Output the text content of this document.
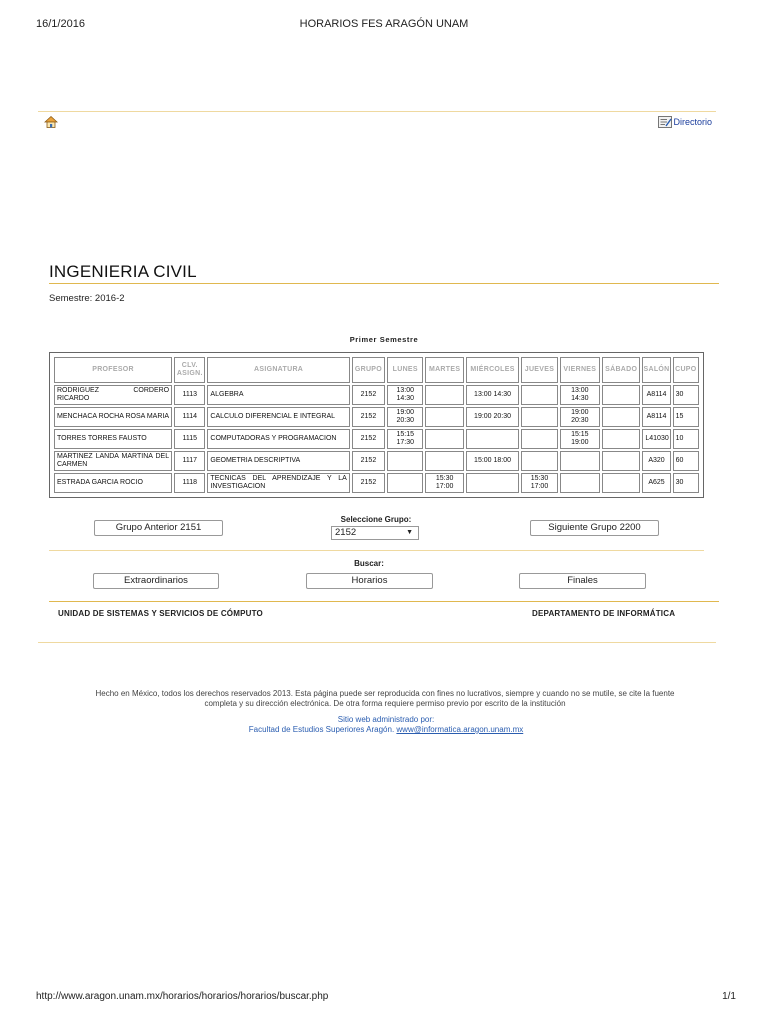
16/1/2016	HORARIOS FES ARAGÓN UNAM
Directorio
INGENIERIA CIVIL
Semestre: 2016-2
Primer Semestre
PROFESOR	CLV. ASIGN.	ASIGNATURA	GRUPO	LUNES	MARTES	MIÉRCOLES	JUEVES	VIERNES	SÁBADO	SALÓN	CUPO
RODRIGUEZ CORDERO RICARDO	1113	ALGEBRA	2152	13:00 14:30		13:00 14:30		13:00 14:30		A8114	30
MENCHACA ROCHA ROSA MARIA	1114	CALCULO DIFERENCIAL E INTEGRAL	2152	19:00 20:30		19:00 20:30		19:00 20:30		A8114	15
TORRES TORRES FAUSTO	1115	COMPUTADORAS Y PROGRAMACION	2152	15:15 17:30				15:15 19:00		L41030	10
MARTINEZ LANDA MARTINA DEL CARMEN	1117	GEOMETRIA DESCRIPTIVA	2152			15:00 18:00				A320	60
ESTRADA GARCIA ROCIO	1118	TECNICAS DEL APRENDIZAJE Y LA INVESTIGACION	2152		15:30 17:00		15:30 17:00			A625	30
Grupo Anterior 2151
Seleccione Grupo:
2152	▼	Siguiente Grupo 2200
Buscar:
Extraordinarios	Horarios	Finales
UNIDAD DE SISTEMAS Y SERVICIOS DE CÓMPUTO	DEPARTAMENTO DE INFORMÁTICA
Hecho en México, todos los derechos reservados 2013. Esta página puede ser reproducida con fines no lucrativos, siempre y cuando no se mutile, se cite la fuente
completa y su dirección electrónica. De otra forma requiere permiso previo por escrito de la institución
Sitio web administrado por:
Facultad de Estudios Superiores Aragón. www@informatica.aragon.unam.mx
http://www.aragon.unam.mx/horarios/horarios/horarios/buscar.php	1/1
